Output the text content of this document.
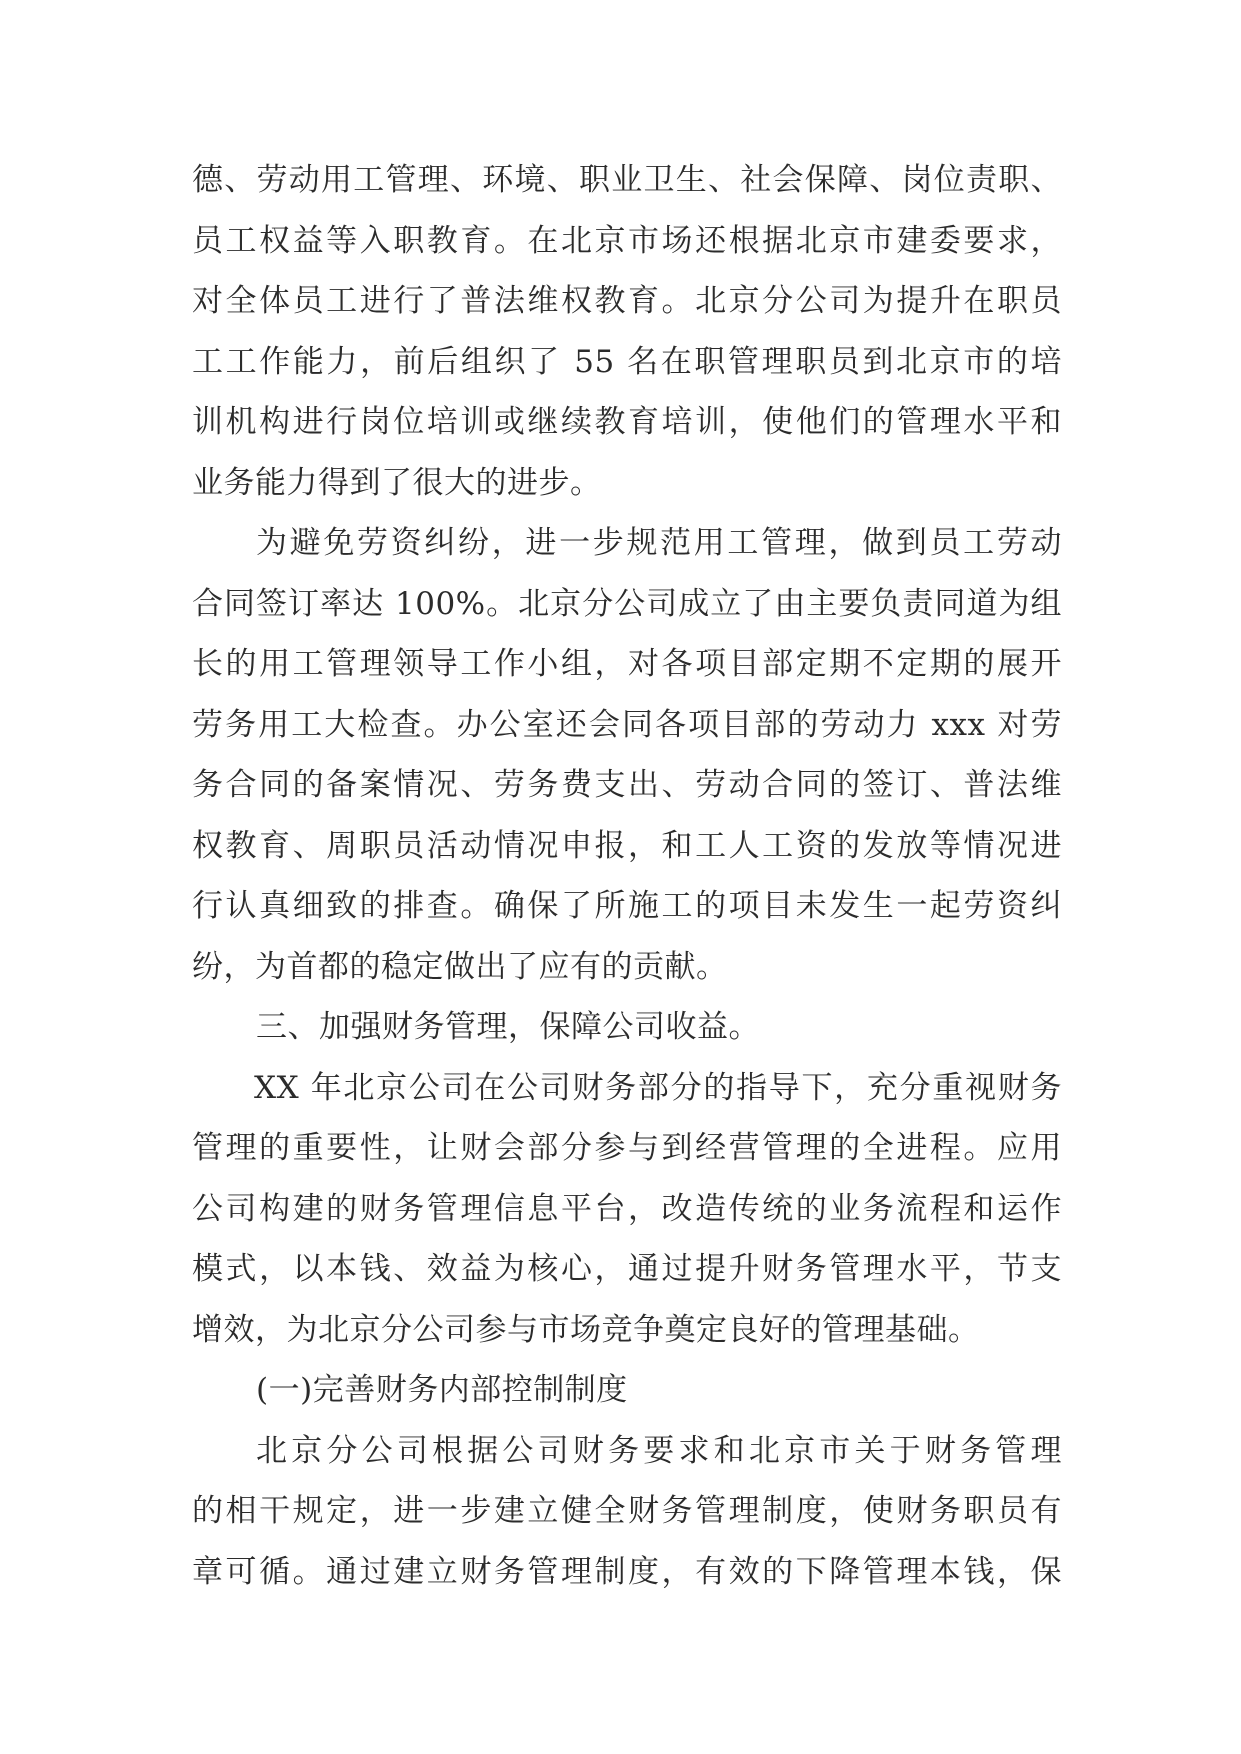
德、劳动用工管理、环境、职业卫生、社会保障、岗位责职、
员工权益等入职教育。在北京市场还根据北京市建委要求，
对全体员工进行了普法维权教育。北京分公司为提升在职员
工工作能力，前后组织了 55 名在职管理职员到北京市的培
训机构进行岗位培训或继续教育培训，使他们的管理水平和
业务能力得到了很大的进步。
为避免劳资纠纷，进一步规范用工管理，做到员工劳动
合同签订率达 100%。北京分公司成立了由主要负责同道为组
长的用工管理领导工作小组，对各项目部定期不定期的展开
劳务用工大检查。办公室还会同各项目部的劳动力 xxx 对劳
务合同的备案情况、劳务费支出、劳动合同的签订、普法维
权教育、周职员活动情况申报，和工人工资的发放等情况进
行认真细致的排查。确保了所施工的项目未发生一起劳资纠
纷，为首都的稳定做出了应有的贡献。
三、加强财务管理，保障公司收益。
XX 年北京公司在公司财务部分的指导下，充分重视财务
管理的重要性，让财会部分参与到经营管理的全进程。应用
公司构建的财务管理信息平台，改造传统的业务流程和运作
模式，以本钱、效益为核心，通过提升财务管理水平，节支
增效，为北京分公司参与市场竞争奠定良好的管理基础。
(一)完善财务内部控制制度
北京分公司根据公司财务要求和北京市关于财务管理
的相干规定，进一步建立健全财务管理制度，使财务职员有
章可循。通过建立财务管理制度，有效的下降管理本钱，保
